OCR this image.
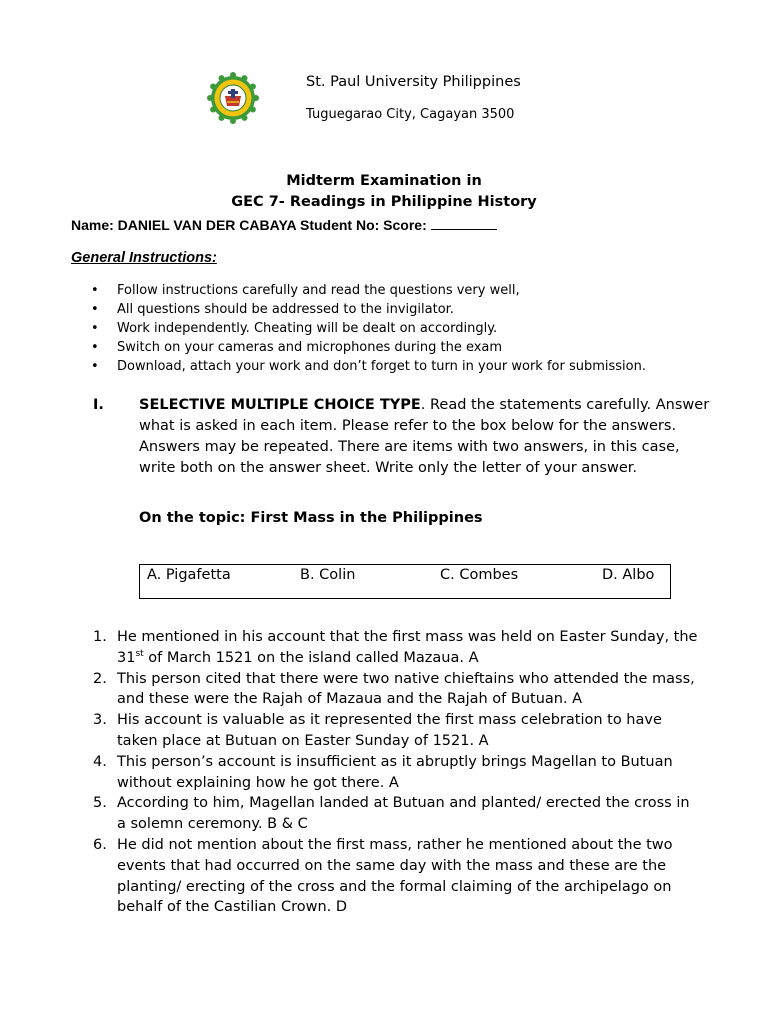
St. Paul University Philippines
Tuguegarao City, Cagayan 3500
Midterm Examination in
GEC 7- Readings in Philippine History
Name: DANIEL VAN DER CABAYA Student No: Score:
General Instructions:
• Follow instructions carefully and read the questions very well,
• All questions should be addressed to the invigilator.
• Work independently. Cheating will be dealt on accordingly.
• Switch on your cameras and microphones during the exam
• Download, attach your work and don’t forget to turn in your work for submission.
I. SELECTIVE MULTIPLE CHOICE TYPE. Read the statements carefully. Answer what is asked in each item. Please refer to the box below for the answers. Answers may be repeated. There are items with two answers, in this case, write both on the answer sheet. Write only the letter of your answer.
On the topic: First Mass in the Philippines
A. Pigafetta	B. Colin	C. Combes	D. Albo
1. He mentioned in his account that the first mass was held on Easter Sunday, the 31st of March 1521 on the island called Mazaua. A
2. This person cited that there were two native chieftains who attended the mass, and these were the Rajah of Mazaua and the Rajah of Butuan. A
3. His account is valuable as it represented the first mass celebration to have taken place at Butuan on Easter Sunday of 1521. A
4. This person’s account is insufficient as it abruptly brings Magellan to Butuan without explaining how he got there. A
5. According to him, Magellan landed at Butuan and planted/ erected the cross in a solemn ceremony. B & C
6. He did not mention about the first mass, rather he mentioned about the two events that had occurred on the same day with the mass and these are the planting/ erecting of the cross and the formal claiming of the archipelago on behalf of the Castilian Crown. D
